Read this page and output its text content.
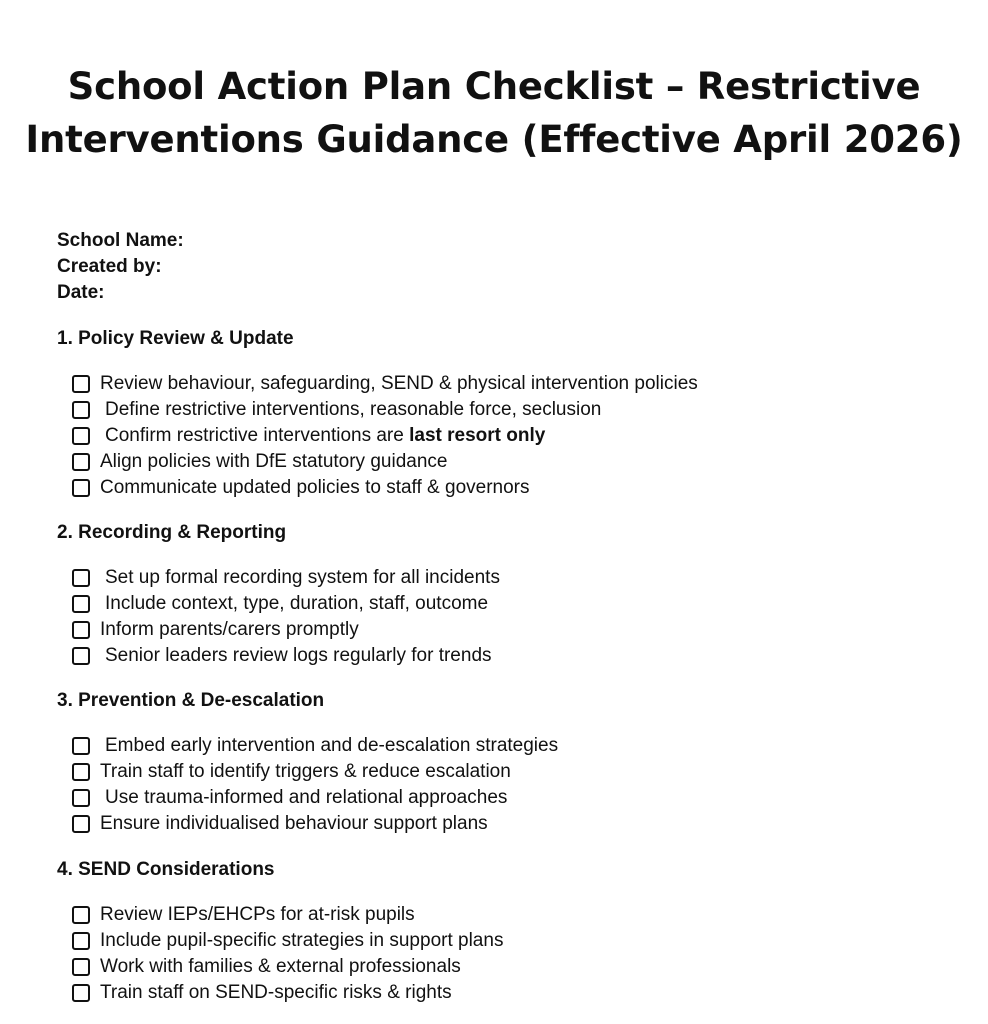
School Action Plan Checklist – Restrictive
Interventions Guidance (Effective April 2026)
School Name:
Created by:
Date:
1. Policy Review & Update
Review behaviour, safeguarding, SEND & physical intervention policies
Define restrictive interventions, reasonable force, seclusion
Confirm restrictive interventions are last resort only
Align policies with DfE statutory guidance
Communicate updated policies to staff & governors
2. Recording & Reporting
Set up formal recording system for all incidents
Include context, type, duration, staff, outcome
Inform parents/carers promptly
Senior leaders review logs regularly for trends
3. Prevention & De-escalation
Embed early intervention and de-escalation strategies
Train staff to identify triggers & reduce escalation
Use trauma-informed and relational approaches
Ensure individualised behaviour support plans
4. SEND Considerations
Review IEPs/EHCPs for at-risk pupils
Include pupil-specific strategies in support plans
Work with families & external professionals
Train staff on SEND-specific risks & rights
